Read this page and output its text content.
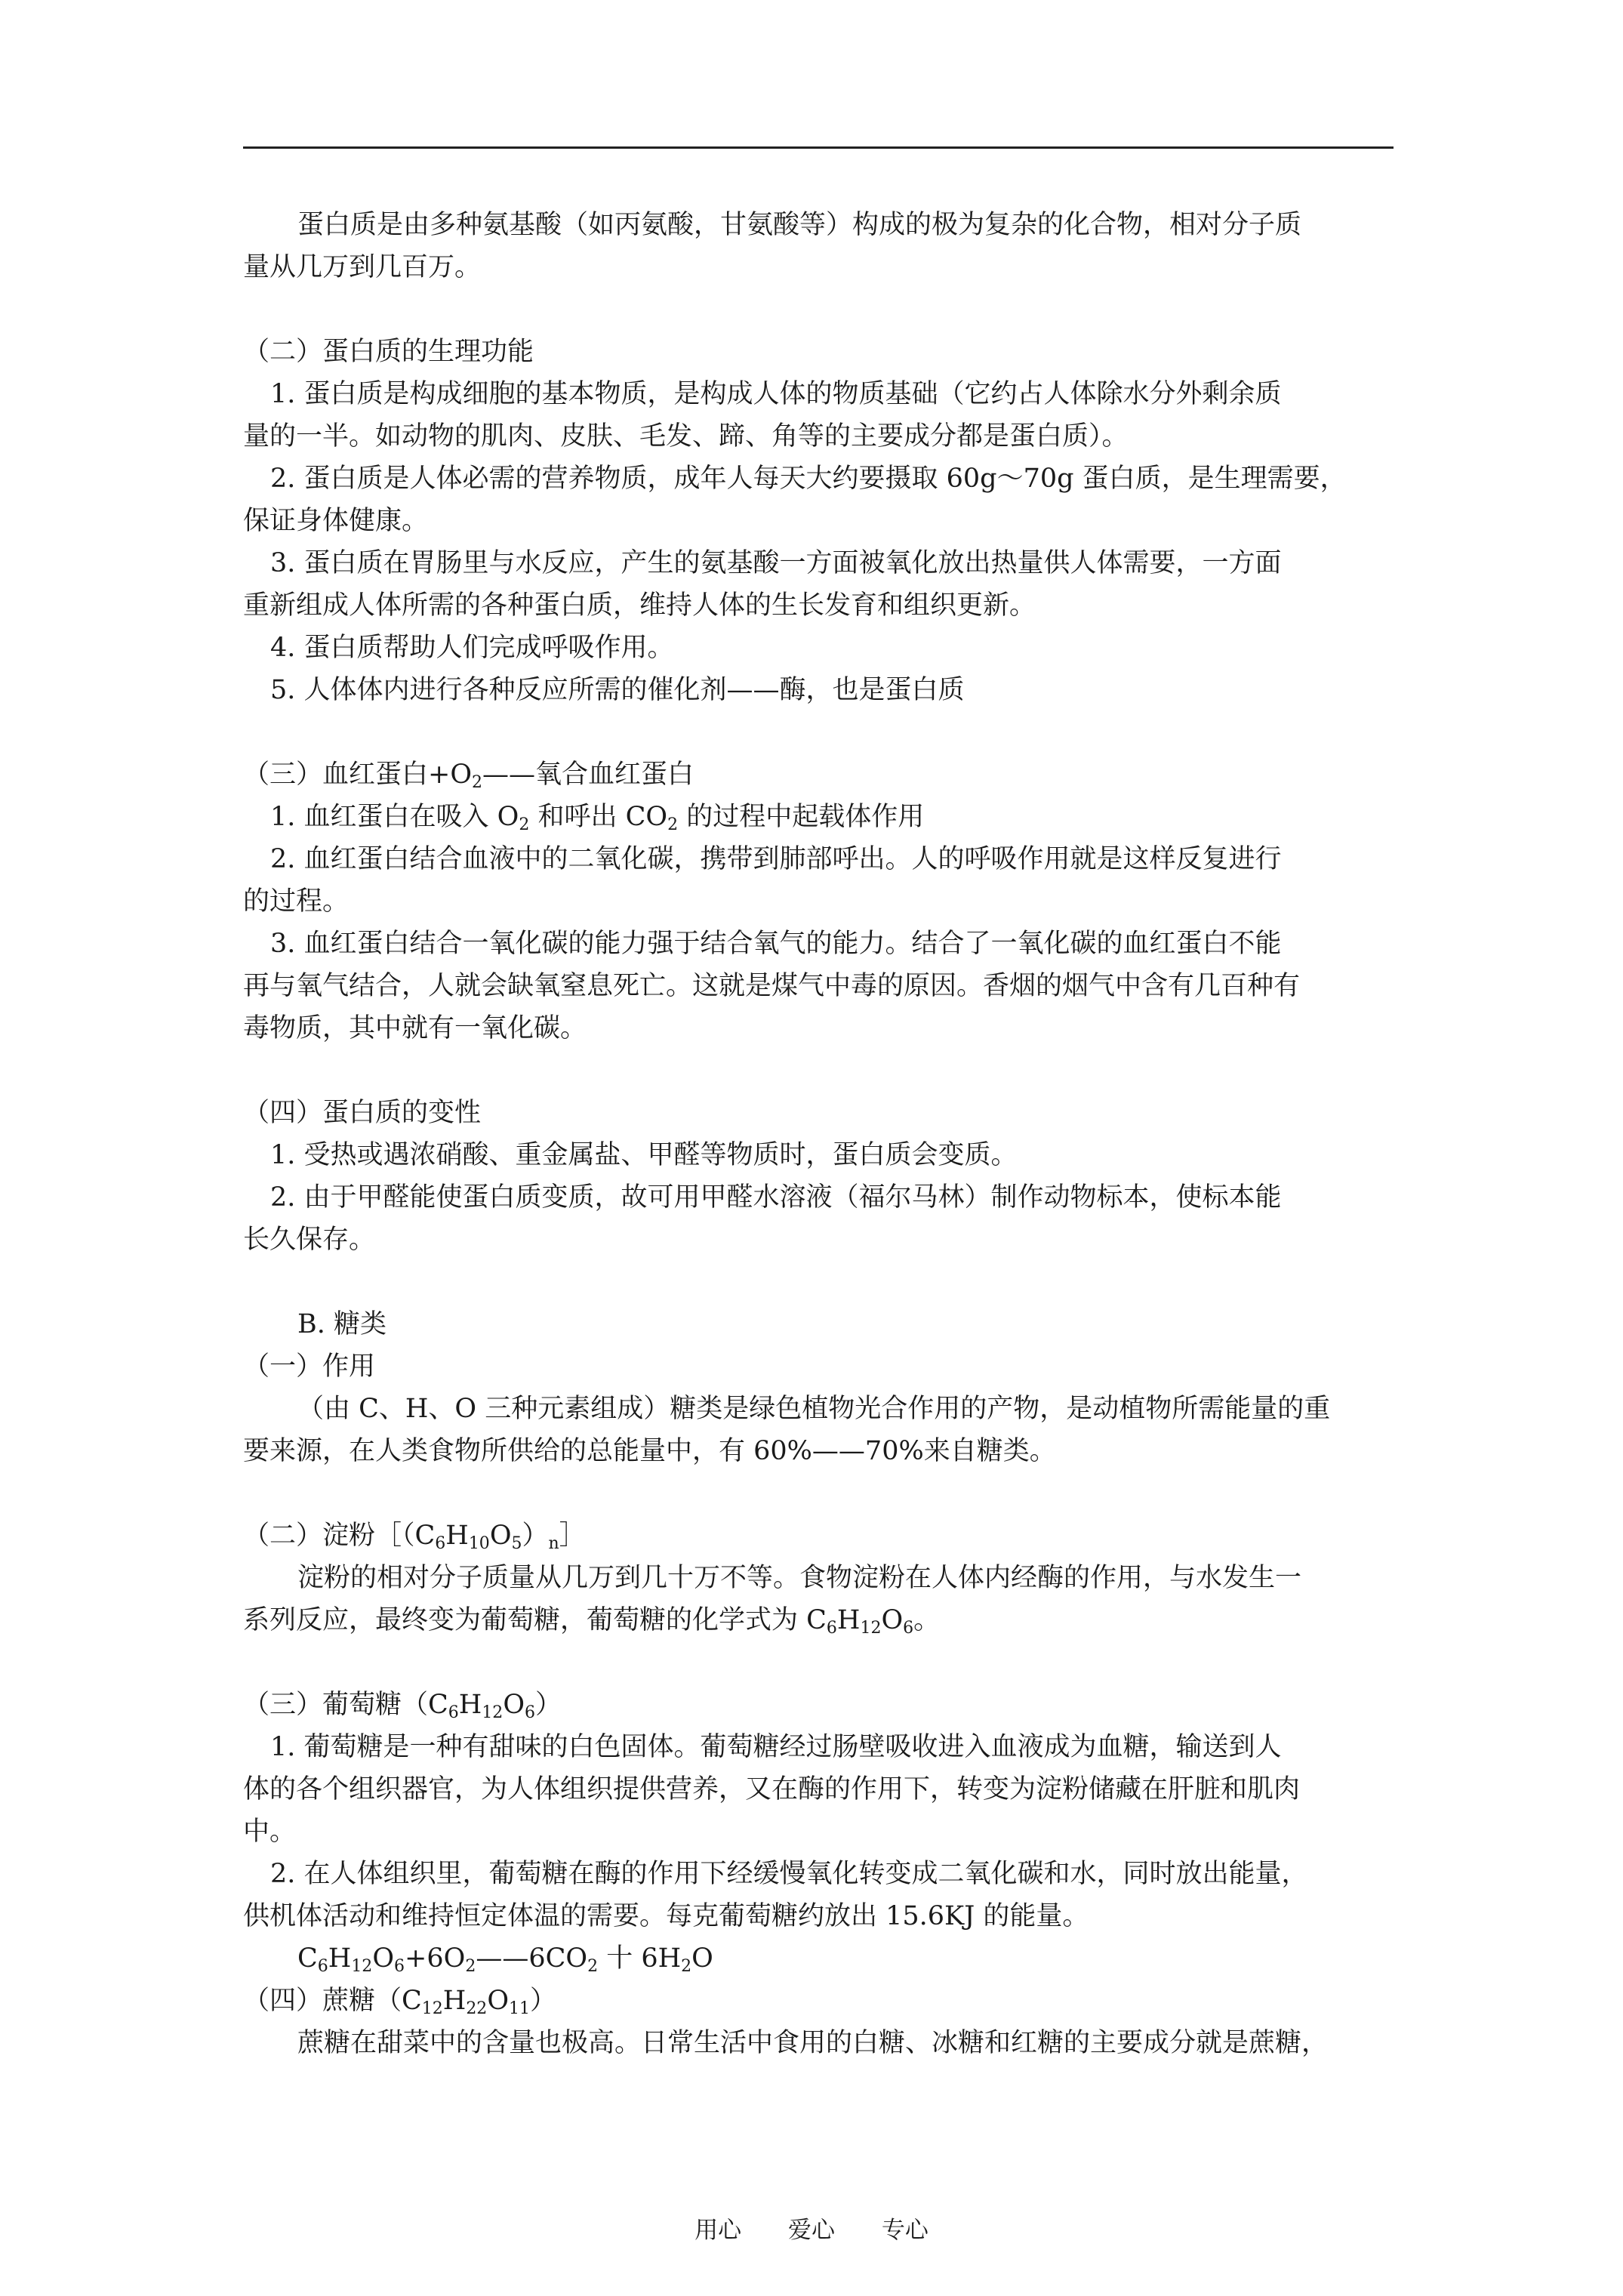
蛋白质是由多种氨基酸（如丙氨酸，甘氨酸等）构成的极为复杂的化合物，相对分子质

量从几万到几百万。

（二）蛋白质的生理功能

1. 蛋白质是构成细胞的基本物质，是构成人体的物质基础（它约占人体除水分外剩余质

量的一半。如动物的肌肉、皮肤、毛发、蹄、角等的主要成分都是蛋白质）。

2. 蛋白质是人体必需的营养物质，成年人每天大约要摄取 60g～70g 蛋白质，是生理需要，

保证身体健康。

3. 蛋白质在胃肠里与水反应，产生的氨基酸一方面被氧化放出热量供人体需要，一方面

重新组成人体所需的各种蛋白质，维持人体的生长发育和组织更新。

4. 蛋白质帮助人们完成呼吸作用。

5. 人体体内进行各种反应所需的催化剂——酶，也是蛋白质

（三）血红蛋白$+O_2——$氧合血红蛋白

1. 血红蛋白在吸入 $O_2$ 和呼出 $CO_2$ 的过程中起载体作用

2. 血红蛋白结合血液中的二氧化碳，携带到肺部呼出。人的呼吸作用就是这样反复进行

的过程。

3. 血红蛋白结合一氧化碳的能力强于结合氧气的能力。结合了一氧化碳的血红蛋白不能

再与氧气结合，人就会缺氧窒息死亡。这就是煤气中毒的原因。香烟的烟气中含有几百种有

毒物质，其中就有一氧化碳。

（四）蛋白质的变性

1. 受热或遇浓硝酸、重金属盐、甲醛等物质时，蛋白质会变质。

2. 由于甲醛能使蛋白质变质，故可用甲醛水溶液（福尔马林）制作动物标本，使标本能

长久保存。

B. 糖类

（一）作用

（由 C、H、O 三种元素组成）糖类是绿色植物光合作用的产物，是动植物所需能量的重

要来源，在人类食物所供给的总能量中，有 60%——70%来自糖类。

（二）淀粉$[(C_6H_{10}O_5)_n]$

淀粉的相对分子质量从几万到几十万不等。食物淀粉在人体内经酶的作用，与水发生一

系列反应，最终变为葡萄糖，葡萄糖的化学式为 $C_6H_{12}O_6$。

（三）葡萄糖$(C_6H_{12}O_6)$

1. 葡萄糖是一种有甜味的白色固体。葡萄糖经过肠壁吸收进入血液成为血糖，输送到人

体的各个组织器官，为人体组织提供营养，又在酶的作用下，转变为淀粉储藏在肝脏和肌肉

中。

2. 在人体组织里，葡萄糖在酶的作用下经缓慢氧化转变成二氧化碳和水，同时放出能量，

供机体活动和维持恒定体温的需要。每克葡萄糖约放出 15.6KJ 的能量。

$C_6H_{12}O_6+6O_2——6CO_2$ 十 $6H_2O$

（四）蔗糖$(C_{12}H_{22}O_{11})$

蔗糖在甜菜中的含量也极高。日常生活中食用的白糖、冰糖和红糖的主要成分就是蔗糖，

用心 爱心 专心
